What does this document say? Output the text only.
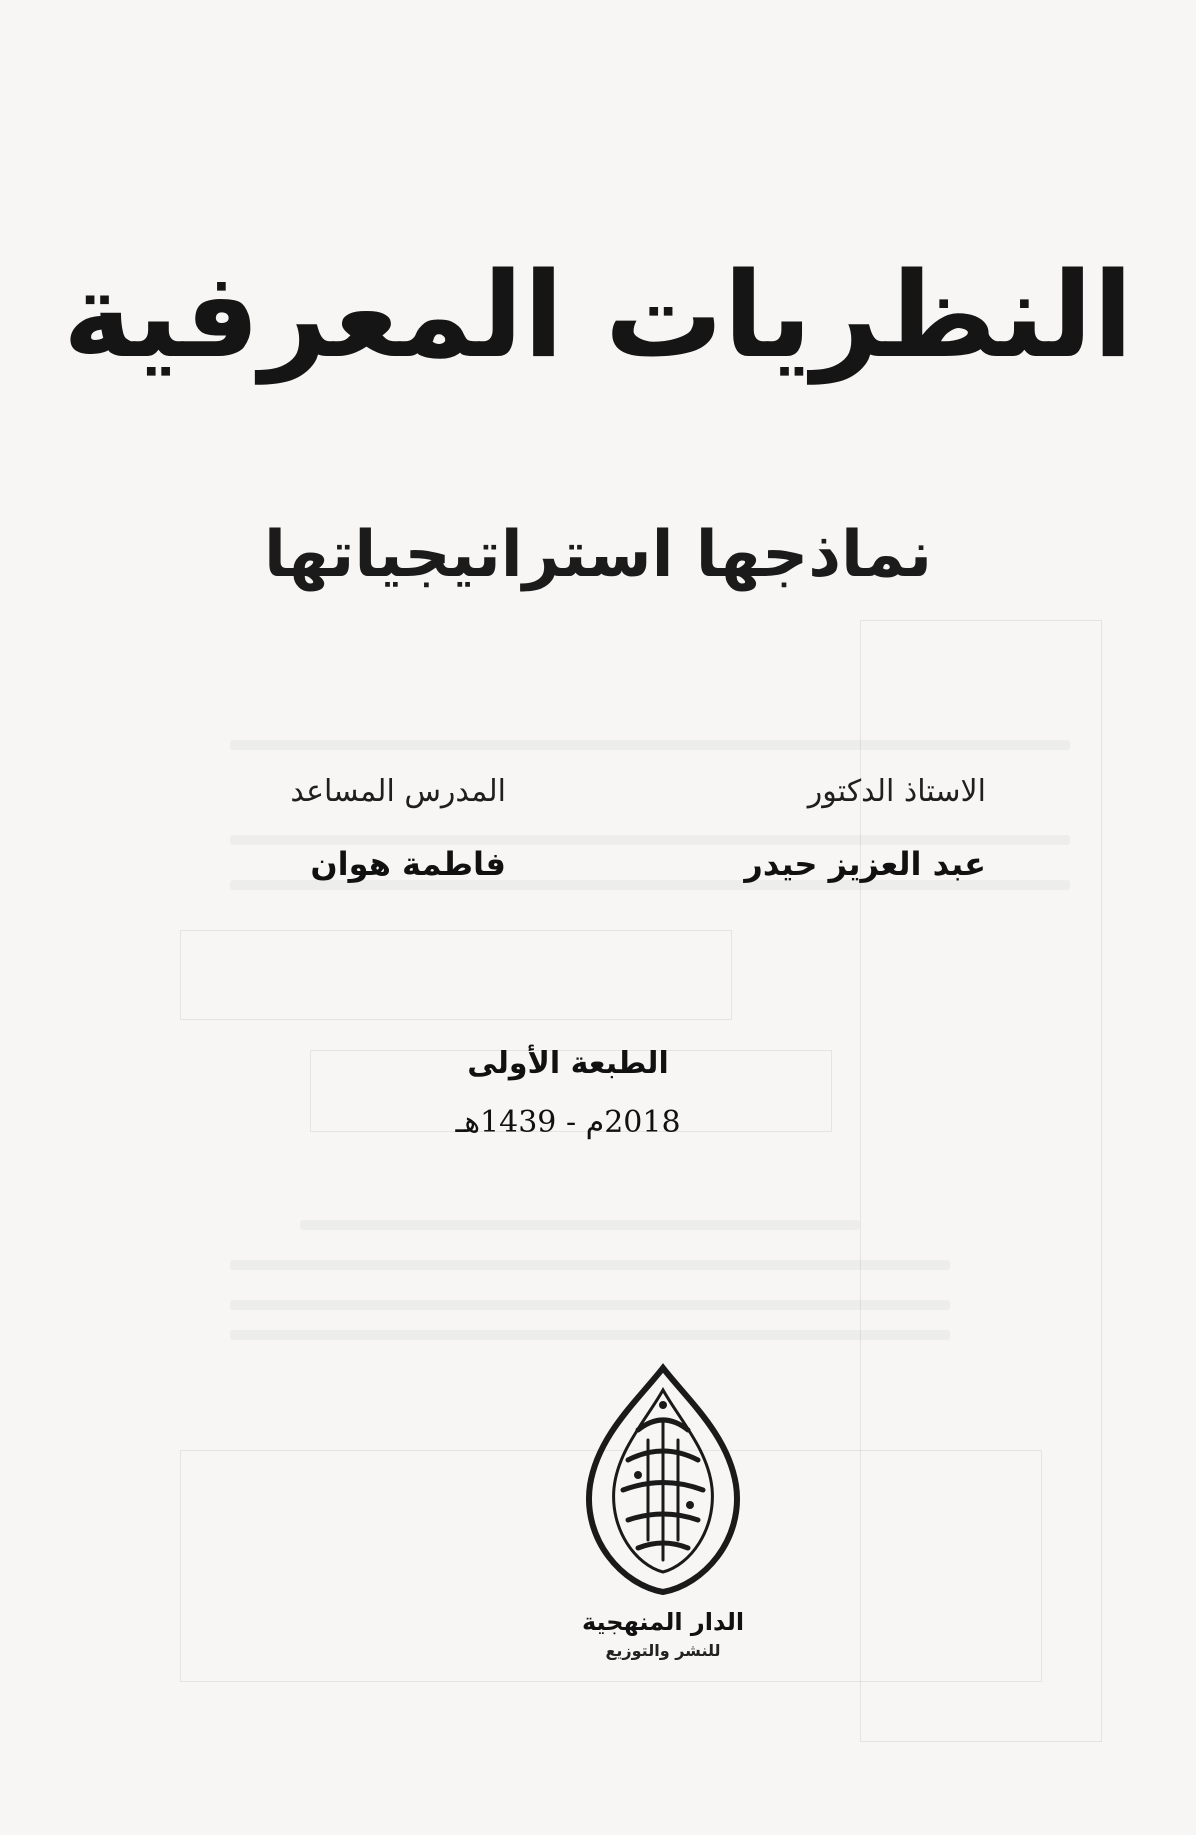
النظريات المعرفية
نماذجها استراتيجياتها
الاستاذ الدكتور
عبد العزيز حيدر
المدرس المساعد
فاطمة هوان
الطبعة الأولى
2018م - 1439هـ
الدار المنهجية
للنشر والتوزيع
